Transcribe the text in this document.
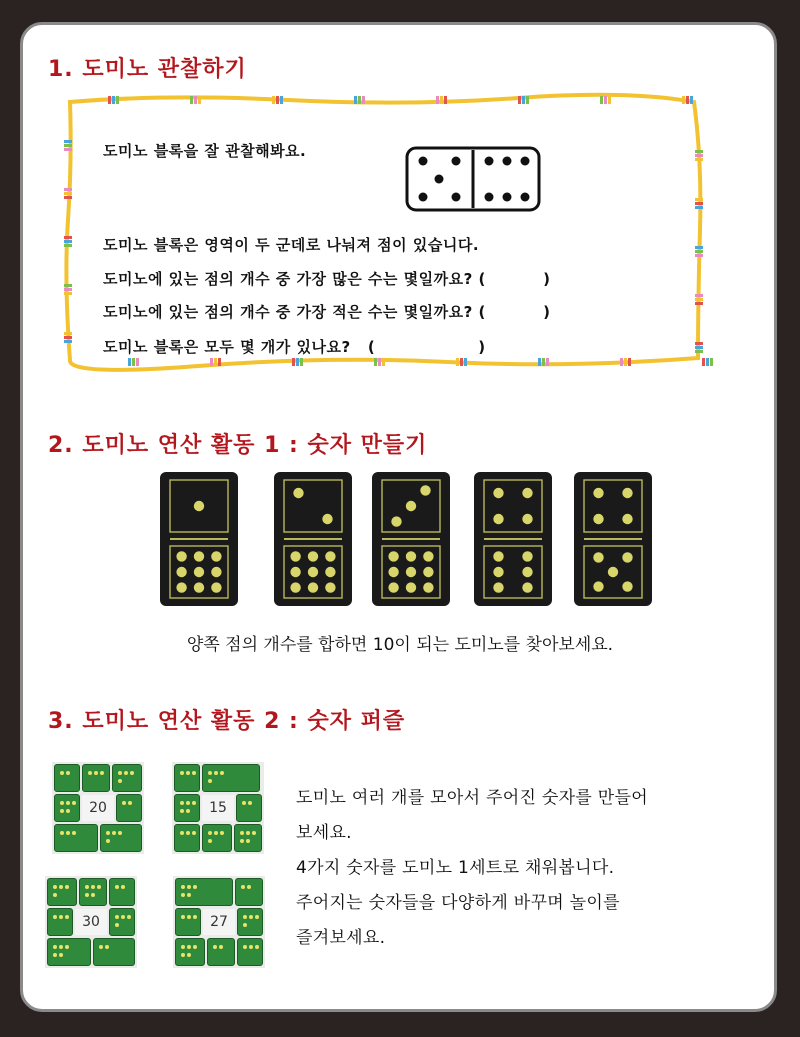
1. 도미노 관찰하기
도미노 블록을 잘 관찰해봐요.
도미노 블록은 영역이 두 군데로 나눠져 점이 있습니다.
도미노에 있는 점의 개수 중 가장 많은 수는 몇일까요? (          )
도미노에 있는 점의 개수 중 가장 적은 수는 몇일까요? (          )
도미노 블록은 모두 몇 개가 있나요?   (                  )
2. 도미노 연산 활동 1 : 숫자 만들기
양쪽 점의 개수를 합하면 10이 되는 도미노를 찾아보세요.
3. 도미노 연산 활동 2 : 숫자 퍼즐
20	15
30	27
도미노 여러 개를 모아서 주어진 숫자를 만들어
보세요.
4가지 숫자를 도미노 1세트로 채워봅니다.
주어지는 숫자들을 다양하게 바꾸며 놀이를
즐겨보세요.
